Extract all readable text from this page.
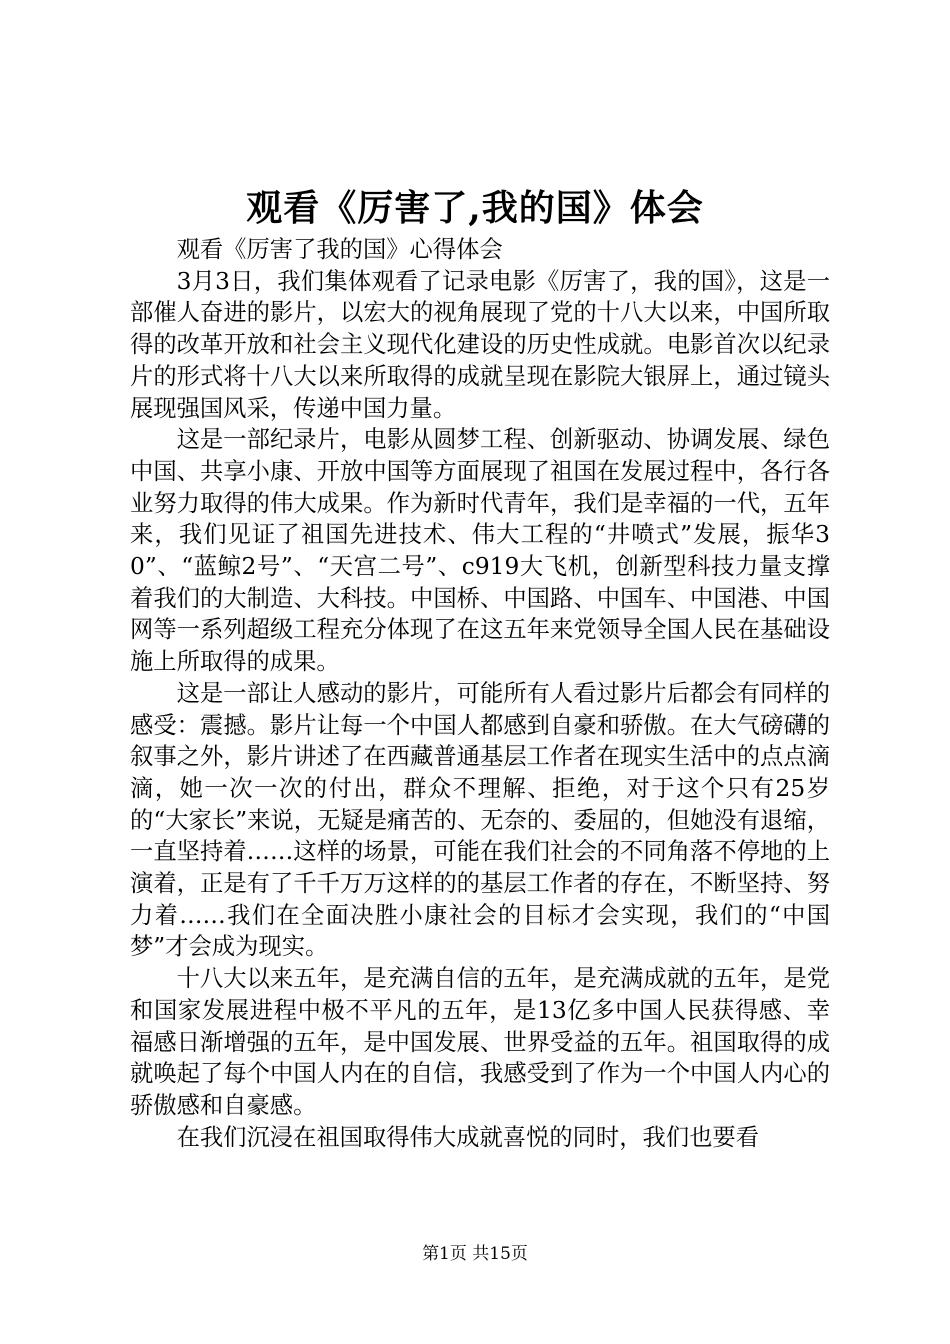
观看《厉害了,我的国》体会

观看《厉害了我的国》心得体会

3月3日，我们集体观看了记录电影《厉害了，我的国》，这是一部催人奋进的影片，以宏大的视角展现了党的十八大以来，中国所取得的改革开放和社会主义现代化建设的历史性成就。电影首次以纪录片的形式将十八大以来所取得的成就呈现在影院大银屏上，通过镜头展现强国风采，传递中国力量。

这是一部纪录片，电影从圆梦工程、创新驱动、协调发展、绿色中国、共享小康、开放中国等方面展现了祖国在发展过程中，各行各业努力取得的伟大成果。作为新时代青年，我们是幸福的一代，五年来，我们见证了祖国先进技术、伟大工程的“井喷式”发展，振华30”、“蓝鲸2号”、“天宫二号”、c919大飞机，创新型科技力量支撑着我们的大制造、大科技。中国桥、中国路、中国车、中国港、中国网等一系列超级工程充分体现了在这五年来党领导全国人民在基础设施上所取得的成果。

这是一部让人感动的影片，可能所有人看过影片后都会有同样的感受：震撼。影片让每一个中国人都感到自豪和骄傲。在大气磅礴的叙事之外，影片讲述了在西藏普通基层工作者在现实生活中的点点滴滴，她一次一次的付出，群众不理解、拒绝，对于这个只有25岁的“大家长”来说，无疑是痛苦的、无奈的、委屈的，但她没有退缩，一直坚持着……这样的场景，可能在我们社会的不同角落不停地的上演着，正是有了千千万万这样的的基层工作者的存在，不断坚持、努力着……我们在全面决胜小康社会的目标才会实现，我们的“中国梦”才会成为现实。

十八大以来五年，是充满自信的五年，是充满成就的五年，是党和国家发展进程中极不平凡的五年，是13亿多中国人民获得感、幸福感日渐增强的五年，是中国发展、世界受益的五年。祖国取得的成就唤起了每个中国人内在的自信，我感受到了作为一个中国人内心的骄傲感和自豪感。

在我们沉浸在祖国取得伟大成就喜悦的同时，我们也要看

第1页 共15页
